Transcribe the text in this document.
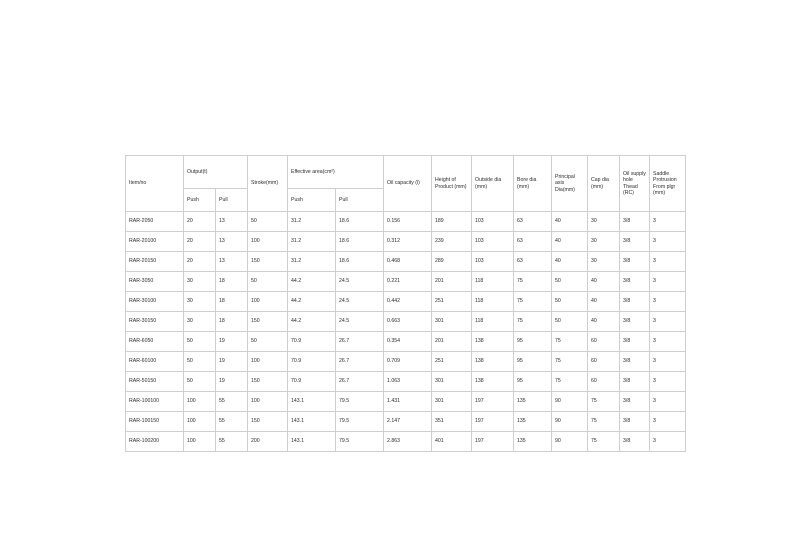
Item/no	Output(t)		Stroke(mm)	Effective area(cm²)		Oil capacity (l)	Height of Product (mm)	Outside dia (mm)	Bore dia (mm)	Principal axis Dia(mm)	Cap dia (mm)	Oil supply hole Thead (RC)	Saddle Protrusion From plgr (mm)
	Push	Pull		Push	Pull								
RAR-2050	20	13	50	31.2	18.6	0.156	189	103	63	40	30	3/8	3
RAR-20100	20	13	100	31.2	18.6	0.312	239	103	63	40	30	3/8	3
RAR-20150	20	13	150	31.2	18.6	0.468	289	103	63	40	30	3/8	3
RAR-3050	30	18	50	44.2	24.5	0.221	201	118	75	50	40	3/8	3
RAR-30100	30	18	100	44.2	24.5	0.442	251	118	75	50	40	3/8	3
RAR-30150	30	18	150	44.2	24.5	0.663	301	118	75	50	40	3/8	3
RAR-6050	50	19	50	70.9	26.7	0.354	201	138	95	75	60	3/8	3
RAR-60100	50	19	100	70.9	26.7	0.709	251	138	95	75	60	3/8	3
RAR-50150	50	19	150	70.9	26.7	1.063	301	138	95	75	60	3/8	3
RAR-100100	100	55	100	143.1	79.5	1.431	301	197	135	90	75	3/8	3
RAR-100150	100	55	150	143.1	79.5	2.147	351	197	135	90	75	3/8	3
RAR-100200	100	55	200	143.1	79.5	2.863	401	197	135	90	75	3/8	3
